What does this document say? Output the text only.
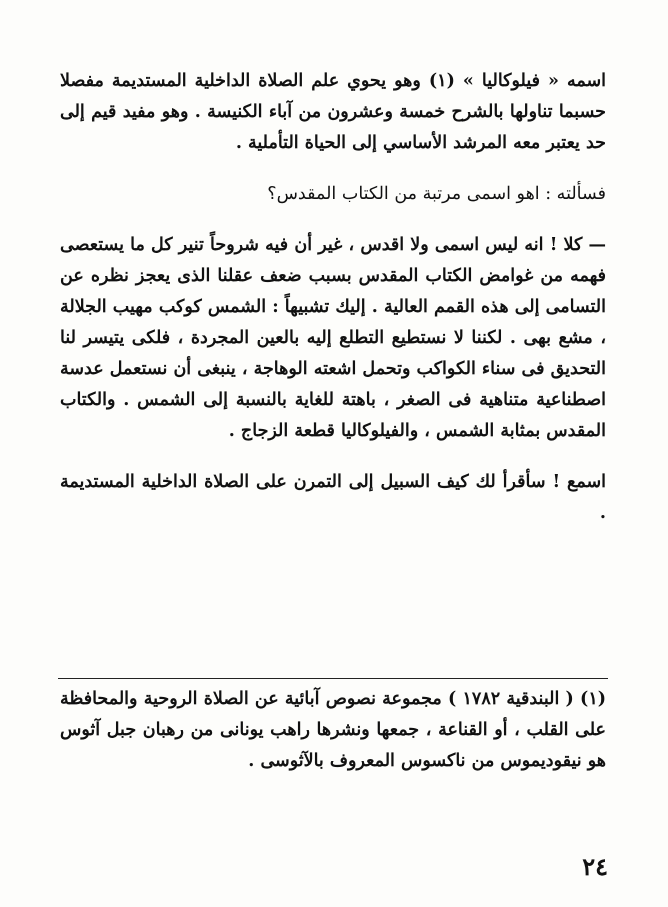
اسمه « فيلوكاليا » (١) وهو يحوي علم الصلاة الداخلية المستديمة مفصلا حسبما تناولها بالشرح خمسة وعشرون من آباء الكنيسة . وهو مفيد قيم إلى حد يعتبر معه المرشد الأساسي إلى الحياة التأملية .

فسألته : اهو اسمى مرتبة من الكتاب المقدس؟

— كلا ! انه ليس اسمى ولا اقدس ، غير أن فيه شروحاً تنير كل ما يستعصى فهمه من غوامض الكتاب المقدس بسبب ضعف عقلنا الذى يعجز نظره عن التسامى إلى هذه القمم العالية . إليك تشبيهاً : الشمس كوكب مهيب الجلالة ، مشع بهى . لكننا لا نستطيع التطلع إليه بالعين المجردة ، فلكى يتيسر لنا التحديق فى سناء الكواكب وتحمل اشعته الوهاجة ، ينبغى أن نستعمل عدسة اصطناعية متناهية فى الصغر ، باهتة للغاية بالنسبة إلى الشمس . والكتاب المقدس بمثابة الشمس ، والفيلوكاليا قطعة الزجاج .

اسمع ! سأقرأ لك كيف السبيل إلى التمرن على الصلاة الداخلية المستديمة .

(١) ( البندقية ١٧٨٢ ) مجموعة نصوص آبائية عن الصلاة الروحية والمحافظة على القلب ، أو القناعة ، جمعها ونشرها راهب يونانى من رهبان جبل آثوس هو نيقوديموس من ناكسوس المعروف بالآثوسى .

٢٤
